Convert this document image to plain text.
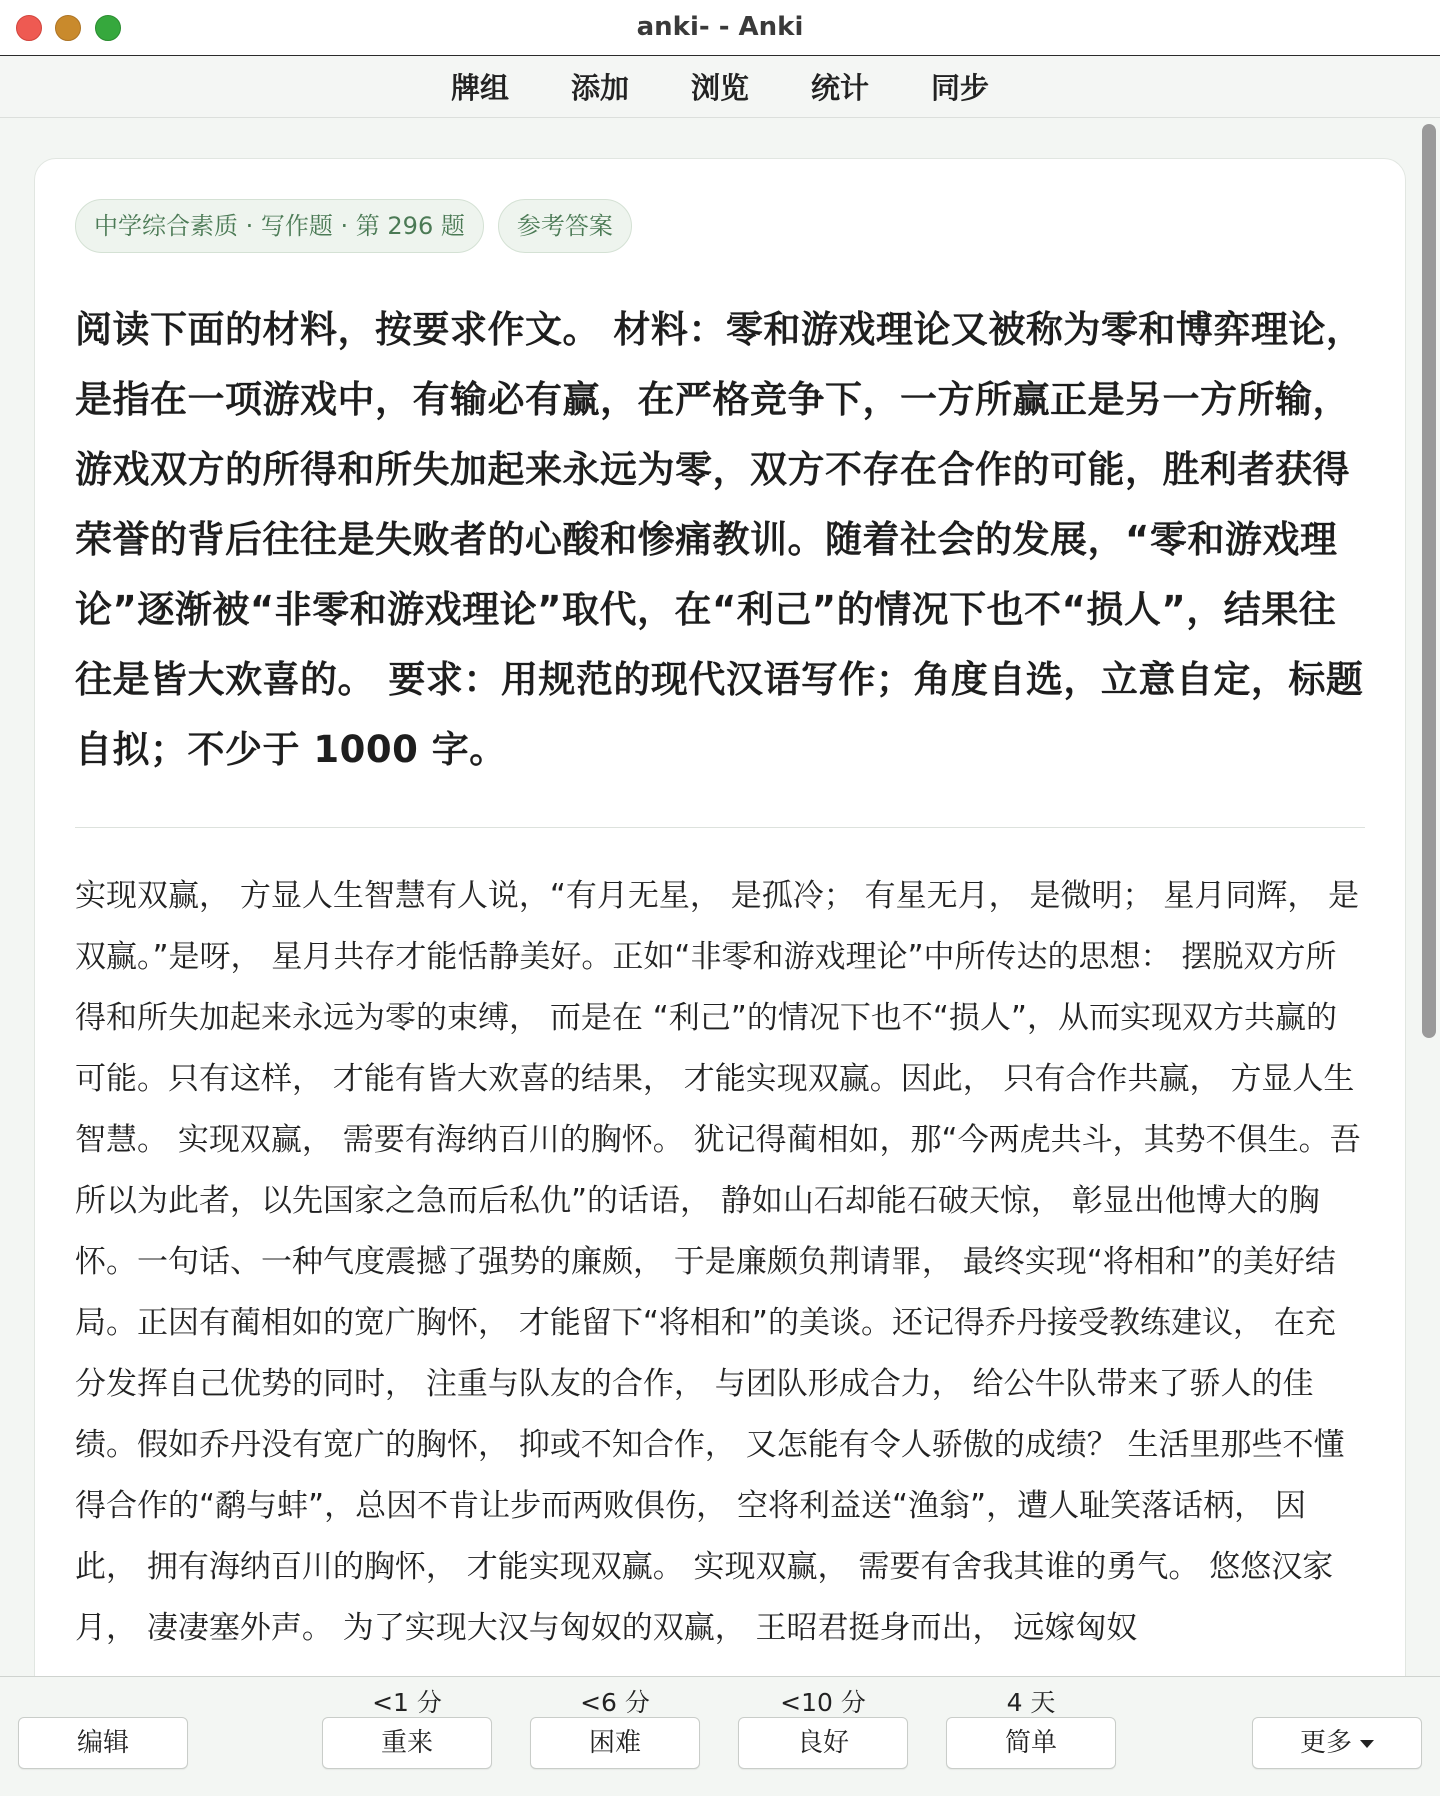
anki- - Anki
牌组 添加 浏览 统计 同步
中学综合素质 · 写作题 · 第 296 题	参考答案

阅读下面的材料，按要求作文。 材料：零和游戏理论又被称为零和博弈理论，是指在一项游戏中，有输必有赢，在严格竞争下，一方所赢正是另一方所输，游戏双方的所得和所失加起来永远为零，双方不存在合作的可能，胜利者获得荣誉的背后往往是失败者的心酸和惨痛教训。随着社会的发展，“零和游戏理论”逐渐被“非零和游戏理论”取代，在“利己”的情况下也不“损人”，结果往往是皆大欢喜的。 要求：用规范的现代汉语写作；角度自选，立意自定，标题自拟；不少于 1000 字。

实现双赢， 方显人生智慧有人说，“有月无星， 是孤冷； 有星无月， 是微明； 星月同辉， 是双赢。”是呀， 星月共存才能恬静美好。正如“非零和游戏理论”中所传达的思想： 摆脱双方所得和所失加起来永远为零的束缚， 而是在 “利己”的情况下也不“损人”，从而实现双方共赢的可能。只有这样， 才能有皆大欢喜的结果， 才能实现双赢。因此， 只有合作共赢， 方显人生智慧。 实现双赢， 需要有海纳百川的胸怀。 犹记得蔺相如，那“今两虎共斗，其势不俱生。吾所以为此者，以先国家之急而后私仇”的话语， 静如山石却能石破天惊， 彰显出他博大的胸怀。一句话、一种气度震撼了强势的廉颇， 于是廉颇负荆请罪， 最终实现“将相和”的美好结局。正因有蔺相如的宽广胸怀， 才能留下“将相和”的美谈。还记得乔丹接受教练建议， 在充分发挥自己优势的同时， 注重与队友的合作， 与团队形成合力， 给公牛队带来了骄人的佳绩。假如乔丹没有宽广的胸怀， 抑或不知合作， 又怎能有令人骄傲的成绩？ 生活里那些不懂得合作的“鹬与蚌”，总因不肯让步而两败俱伤， 空将利益送“渔翁”，遭人耻笑落话柄， 因此， 拥有海纳百川的胸怀， 才能实现双赢。 实现双赢， 需要有舍我其谁的勇气。 悠悠汉家月， 凄凄塞外声。 为了实现大汉与匈奴的双赢， 王昭君挺身而出， 远嫁匈奴

编辑
<1 分
重来
<6 分
困难
<10 分
良好
4 天
简单	更多
